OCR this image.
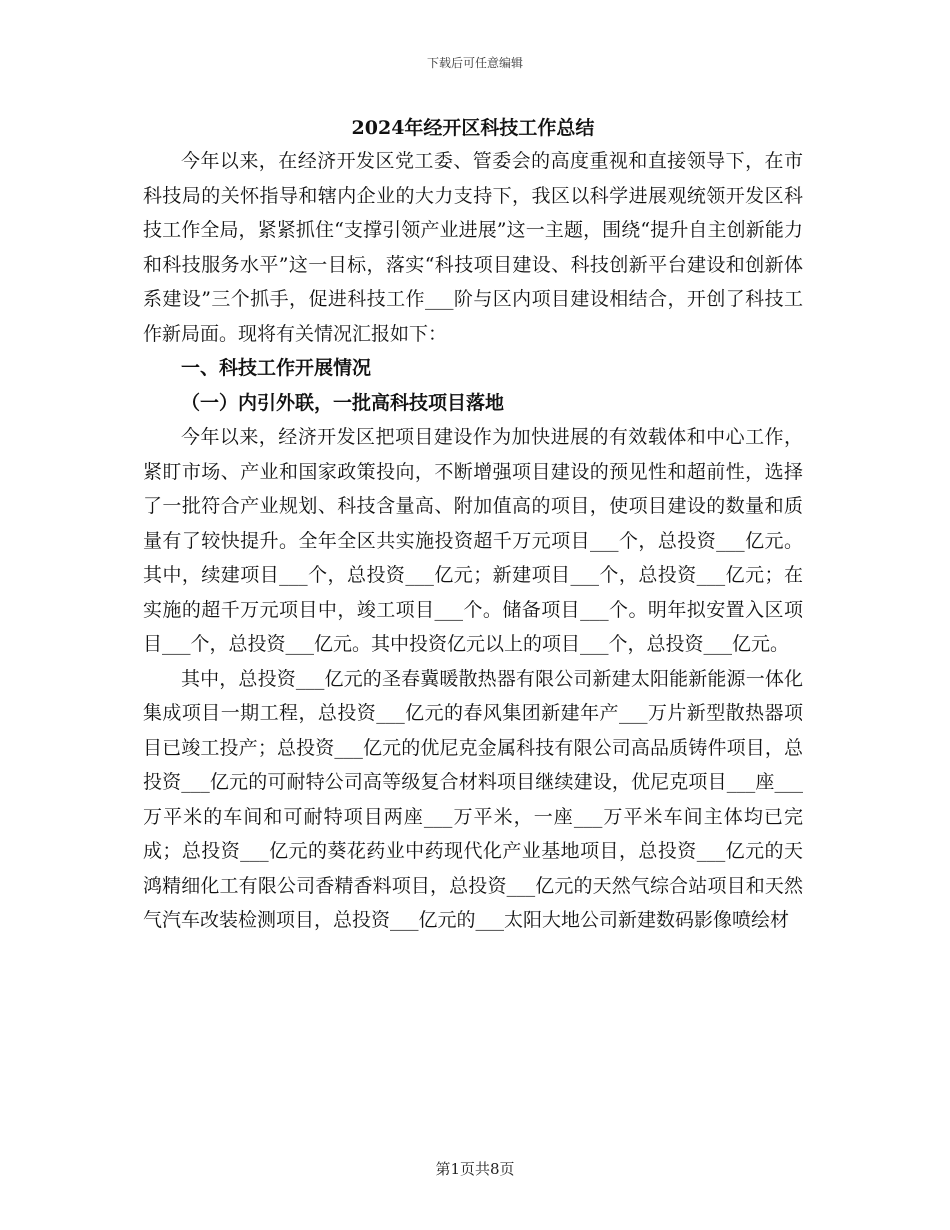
下载后可任意编辑
2024年经开区科技工作总结

今年以来，在经济开发区党工委、管委会的高度重视和直接领导下，在市科技局的关怀指导和辖内企业的大力支持下，我区以科学进展观统领开发区科技工作全局，紧紧抓住“支撑引领产业进展”这一主题，围绕“提升自主创新能力和科技服务水平”这一目标，落实“科技项目建设、科技创新平台建设和创新体系建设”三个抓手，促进科技工作___阶与区内项目建设相结合，开创了科技工作新局面。现将有关情况汇报如下：

一、科技工作开展情况

（一）内引外联，一批高科技项目落地

今年以来，经济开发区把项目建设作为加快进展的有效载体和中心工作，紧盯市场、产业和国家政策投向，不断增强项目建设的预见性和超前性，选择了一批符合产业规划、科技含量高、附加值高的项目，使项目建设的数量和质量有了较快提升。全年全区共实施投资超千万元项目___个，总投资___亿元。其中，续建项目___个，总投资___亿元；新建项目___个，总投资___亿元；在实施的超千万元项目中，竣工项目___个。储备项目___个。明年拟安置入区项目___个，总投资___亿元。其中投资亿元以上的项目___个，总投资___亿元。

其中，总投资___亿元的圣春冀暖散热器有限公司新建太阳能新能源一体化集成项目一期工程，总投资___亿元的春风集团新建年产___万片新型散热器项目已竣工投产；总投资___亿元的优尼克金属科技有限公司高品质铸件项目，总投资___亿元的可耐特公司高等级复合材料项目继续建设，优尼克项目___座___万平米的车间和可耐特项目两座___万平米，一座___万平米车间主体均已完成；总投资___亿元的葵花药业中药现代化产业基地项目，总投资___亿元的天鸿精细化工有限公司香精香料项目，总投资___亿元的天然气综合站项目和天然气汽车改装检测项目，总投资___亿元的___太阳大地公司新建数码影像喷绘材

第1页共8页
